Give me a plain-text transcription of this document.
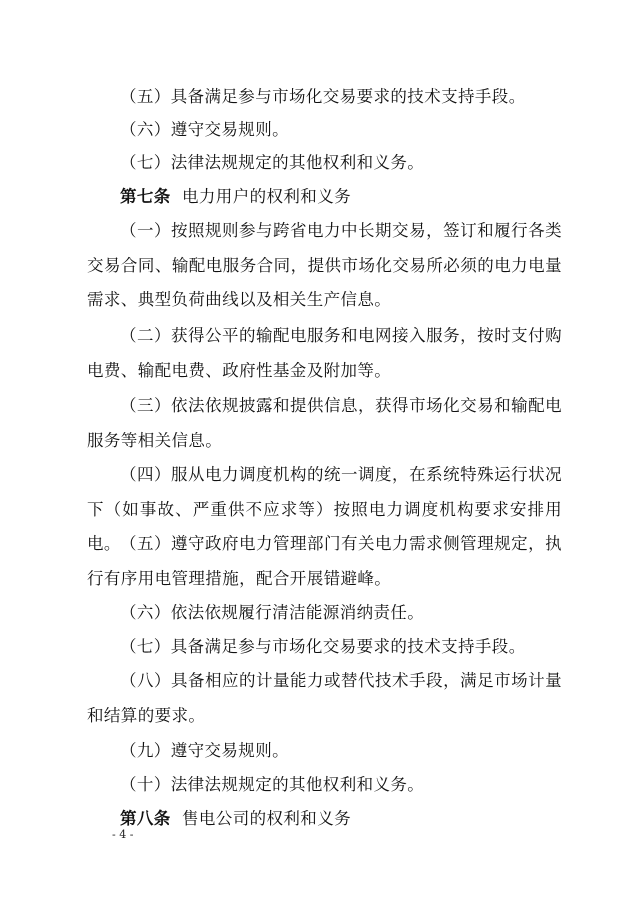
（五）具备满足参与市场化交易要求的技术支持手段。

（六）遵守交易规则。

（七）法律法规规定的其他权利和义务。

第七条 电力用户的权利和义务

（一）按照规则参与跨省电力中长期交易，签订和履行各类交易合同、输配电服务合同，提供市场化交易所必须的电力电量需求、典型负荷曲线以及相关生产信息。

（二）获得公平的输配电服务和电网接入服务，按时支付购电费、输配电费、政府性基金及附加等。

（三）依法依规披露和提供信息，获得市场化交易和输配电服务等相关信息。

（四）服从电力调度机构的统一调度，在系统特殊运行状况下（如事故、严重供不应求等）按照电力调度机构要求安排用电。 （五）遵守政府电力管理部门有关电力需求侧管理规定，执行有序用电管理措施，配合开展错避峰。

（六）依法依规履行清洁能源消纳责任。

（七）具备满足参与市场化交易要求的技术支持手段。

（八）具备相应的计量能力或替代技术手段，满足市场计量和结算的要求。

（九）遵守交易规则。

（十）法律法规规定的其他权利和义务。

第八条 售电公司的权利和义务

- 4 -
